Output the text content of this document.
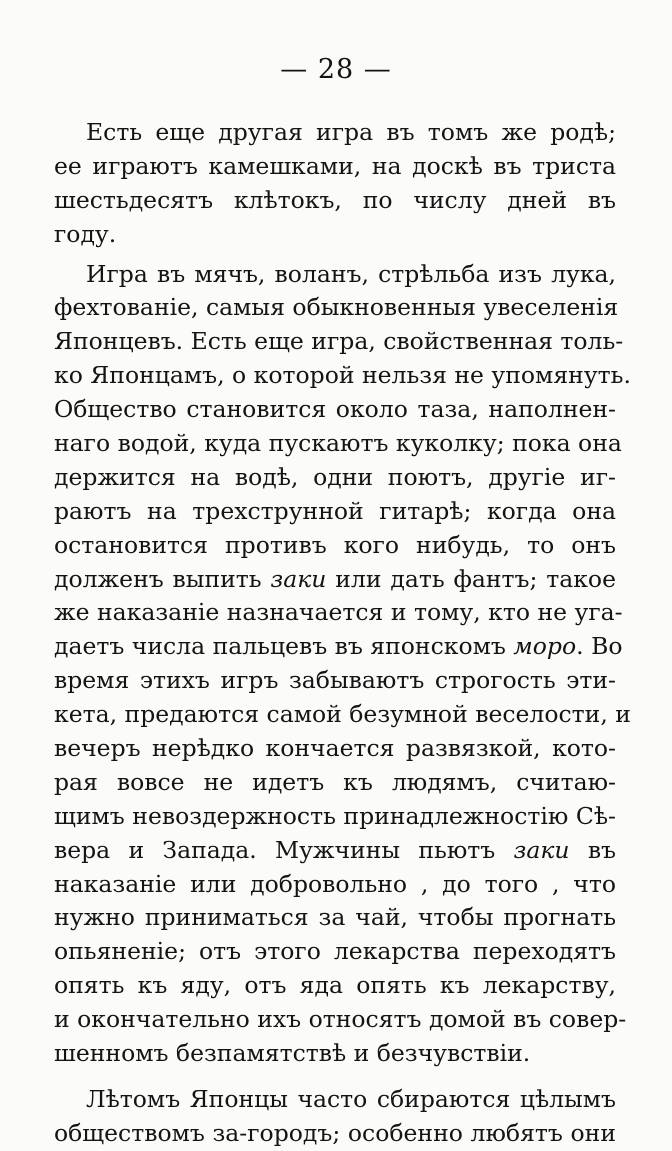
— 28 —
Есть еще другая игра въ томъ же родѣ;
ее играютъ камешками, на доскѣ въ триста
шестьдесятъ клѣтокъ, по числу дней въ
году.
Игра въ мячъ, воланъ, стрѣльба изъ лука,
фехтованіе, самыя обыкновенныя увеселенія
Японцевъ. Есть еще игра, свойственная толь-
ко Японцамъ, о которой нельзя не упомянуть.
Общество становится около таза, наполнен-
наго водой, куда пускаютъ куколку; пока она
держится на водѣ, одни поютъ, другіе иг-
раютъ на трехструнной гитарѣ; когда она
остановится противъ кого нибудь, то онъ
долженъ выпить заки или дать фантъ; такое
же наказаніе назначается и тому, кто не уга-
даетъ числа пальцевъ въ японскомъ моро. Во
время этихъ игръ забываютъ строгость эти-
кета, предаются самой безумной веселости, и
вечеръ нерѣдко кончается развязкой, кото-
рая вовсе не идетъ къ людямъ, считаю-
щимъ невоздержность принадлежностію Сѣ-
вера и Запада. Мужчины пьютъ заки въ
наказаніе или добровольно , до того , что
нужно приниматься за чай, чтобы прогнать
опьяненіе; отъ этого лекарства переходятъ
опять къ яду, отъ яда опять къ лекарству,
и окончательно ихъ относятъ домой въ совер-
шенномъ безпамятствѣ и безчувствіи.
Лѣтомъ Японцы часто сбираются цѣлымъ
обществомъ за-городъ; особенно любятъ они
